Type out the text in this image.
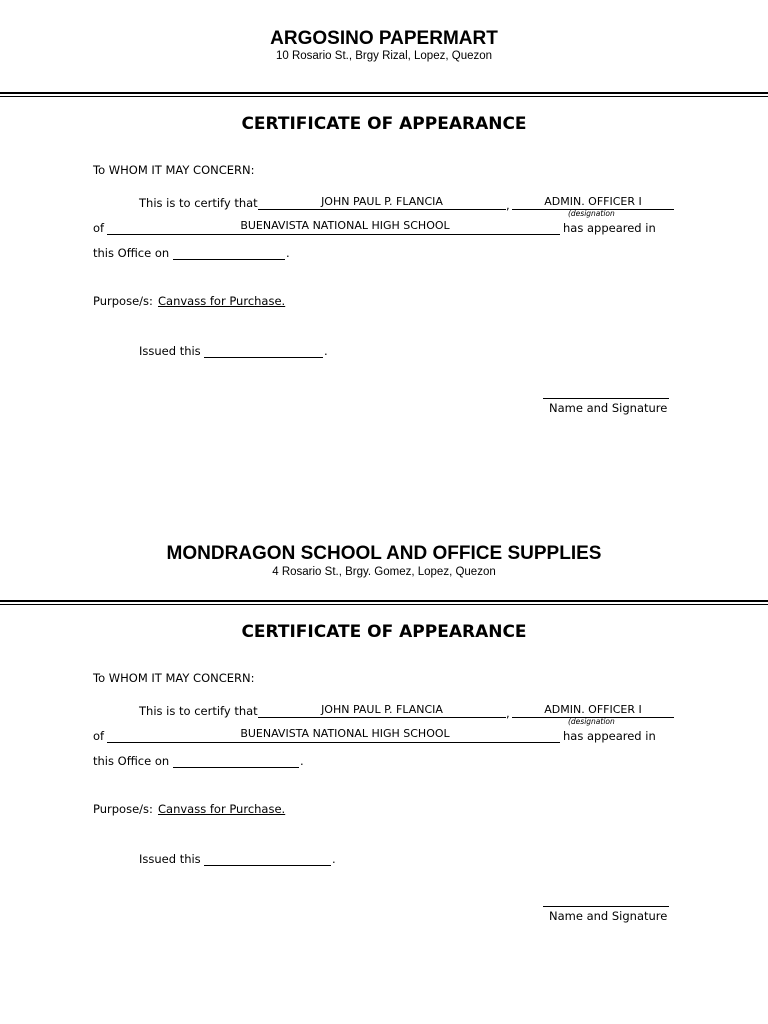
ARGOSINO PAPERMART
10 Rosario St., Brgy Rizal, Lopez, Quezon
CERTIFICATE OF APPEARANCE
To WHOM IT MAY CONCERN:
This is to certify that	JOHN PAUL P. FLANCIA	,	ADMIN. OFFICER I
(designation
of	BUENAVISTA NATIONAL HIGH SCHOOL	has appeared in
this Office on	.
Purpose/s: Canvass for Purchase.
Issued this	.
Name and Signature
MONDRAGON SCHOOL AND OFFICE SUPPLIES
4 Rosario St., Brgy. Gomez, Lopez, Quezon
CERTIFICATE OF APPEARANCE
To WHOM IT MAY CONCERN:
This is to certify that	JOHN PAUL P. FLANCIA	,	ADMIN. OFFICER I
(designation
of	BUENAVISTA NATIONAL HIGH SCHOOL	has appeared in
this Office on	.
Purpose/s: Canvass for Purchase.
Issued this	.
Name and Signature
